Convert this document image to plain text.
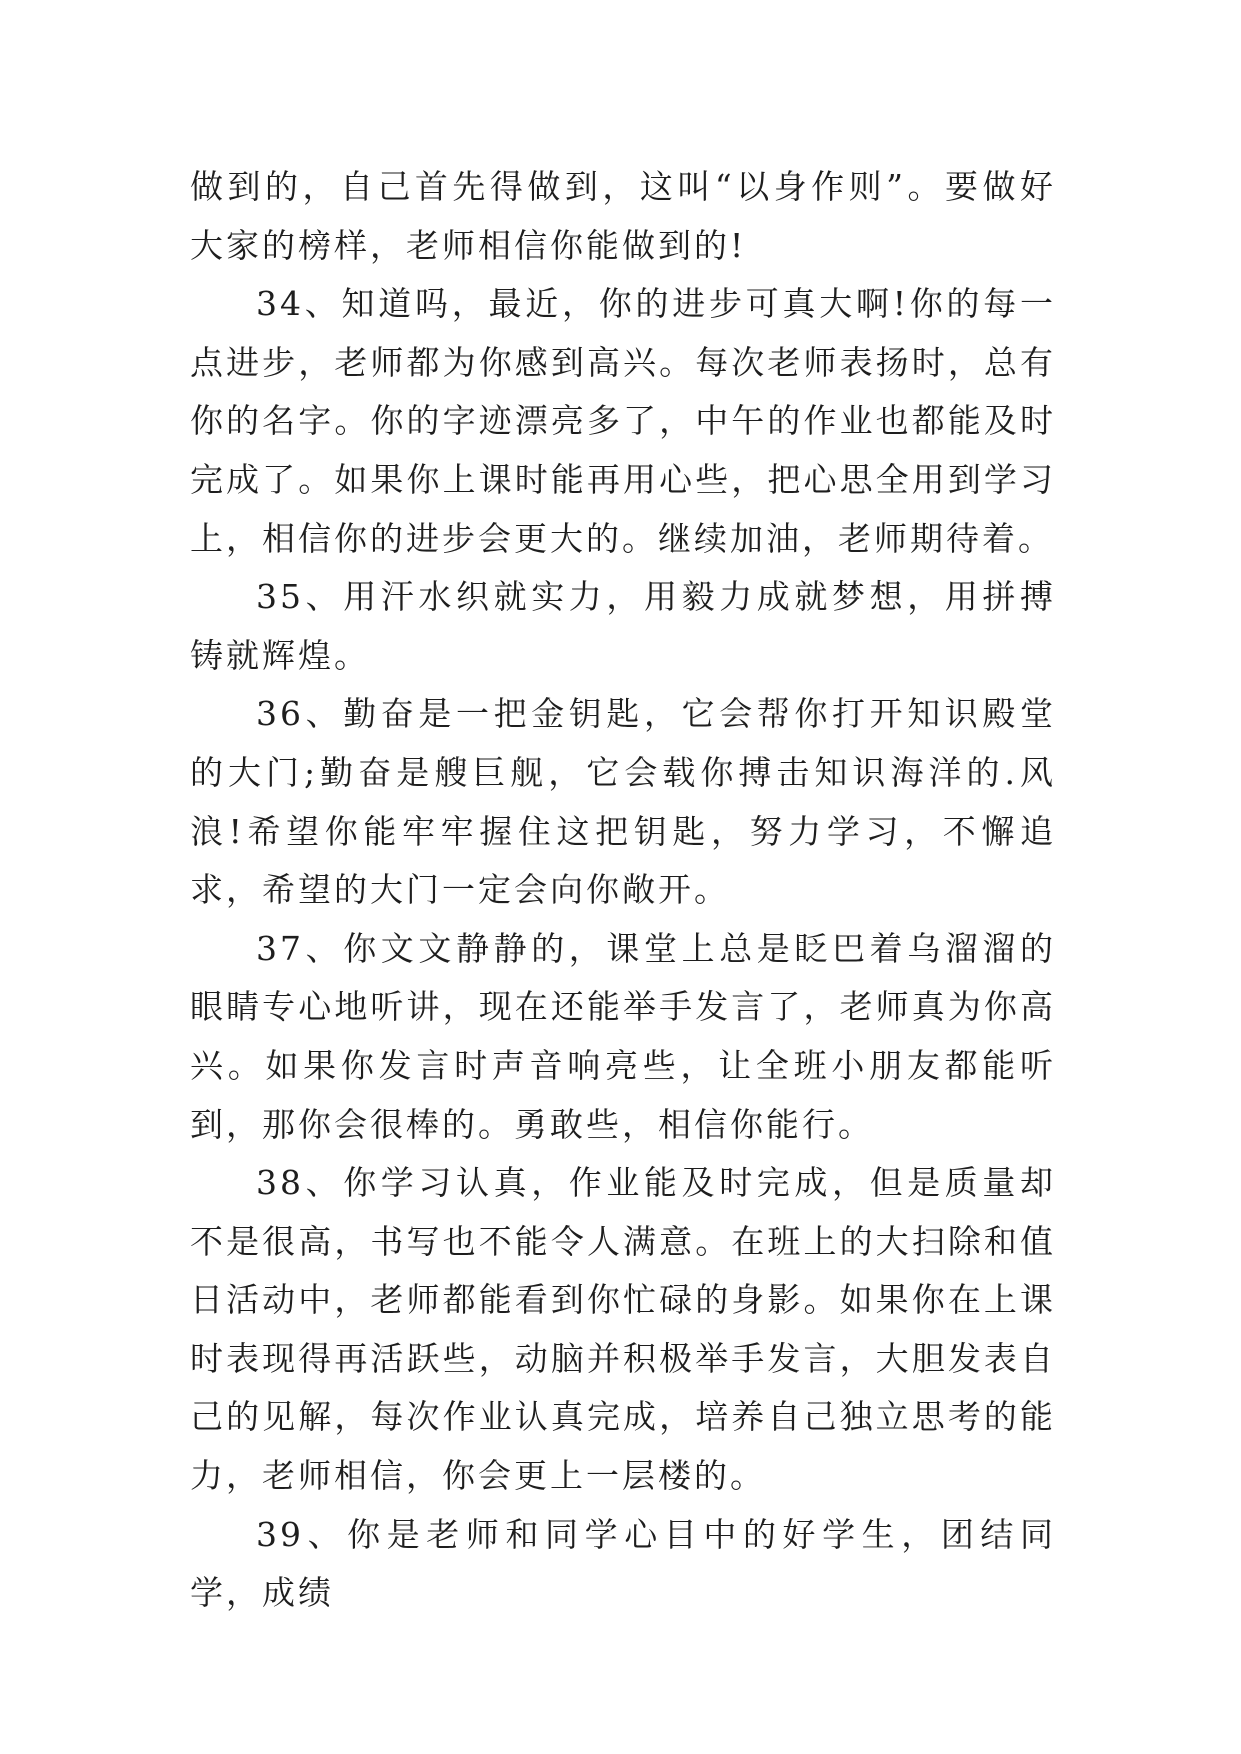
做到的，自己首先得做到，这叫“以身作则”。要做好大家的榜样，老师相信你能做到的!

34、知道吗，最近，你的进步可真大啊!你的每一点进步，老师都为你感到高兴。每次老师表扬时，总有你的名字。你的字迹漂亮多了，中午的作业也都能及时完成了。如果你上课时能再用心些，把心思全用到学习上，相信你的进步会更大的。继续加油，老师期待着。

35、用汗水织就实力，用毅力成就梦想，用拼搏铸就辉煌。

36、勤奋是一把金钥匙，它会帮你打开知识殿堂的大门;勤奋是艘巨舰，它会载你搏击知识海洋的.风浪!希望你能牢牢握住这把钥匙，努力学习，不懈追求，希望的大门一定会向你敞开。

37、你文文静静的，课堂上总是眨巴着乌溜溜的眼睛专心地听讲，现在还能举手发言了，老师真为你高兴。如果你发言时声音响亮些，让全班小朋友都能听到，那你会很棒的。勇敢些，相信你能行。

38、你学习认真，作业能及时完成，但是质量却不是很高，书写也不能令人满意。在班上的大扫除和值日活动中，老师都能看到你忙碌的身影。如果你在上课时表现得再活跃些，动脑并积极举手发言，大胆发表自己的见解，每次作业认真完成，培养自己独立思考的能力，老师相信，你会更上一层楼的。

39、你是老师和同学心目中的好学生，团结同学，成绩
